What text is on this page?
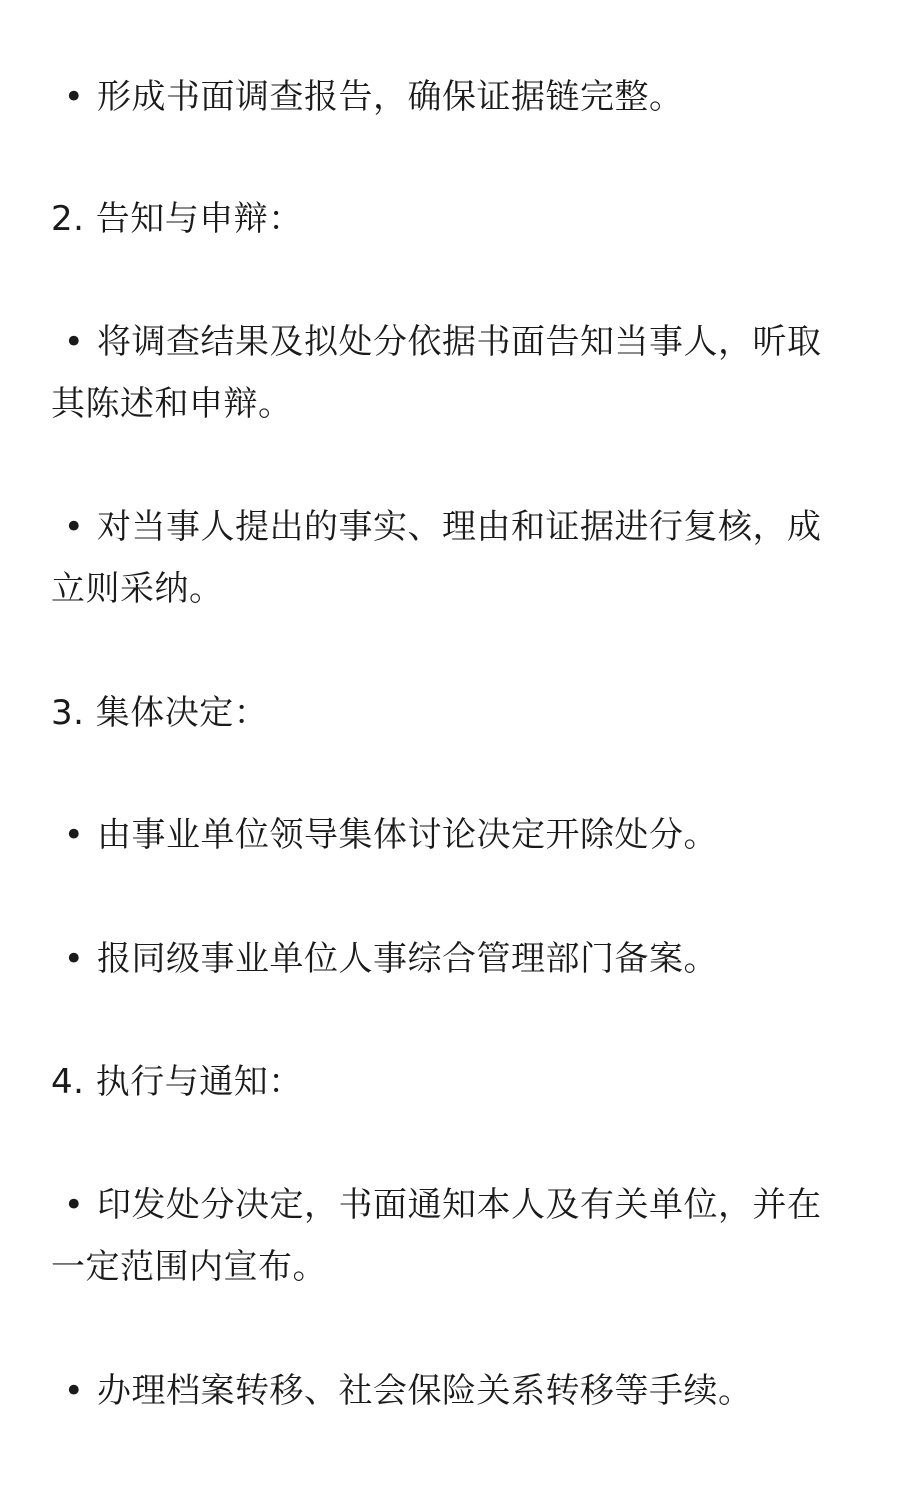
• 形成书面调查报告，确保证据链完整。
2. 告知与申辩：
• 将调查结果及拟处分依据书面告知当事人，听取其陈述和申辩。
• 对当事人提出的事实、理由和证据进行复核，成立则采纳。
3. 集体决定：
• 由事业单位领导集体讨论决定开除处分。
• 报同级事业单位人事综合管理部门备案。
4. 执行与通知：
• 印发处分决定，书面通知本人及有关单位，并在一定范围内宣布。
• 办理档案转移、社会保险关系转移等手续。
